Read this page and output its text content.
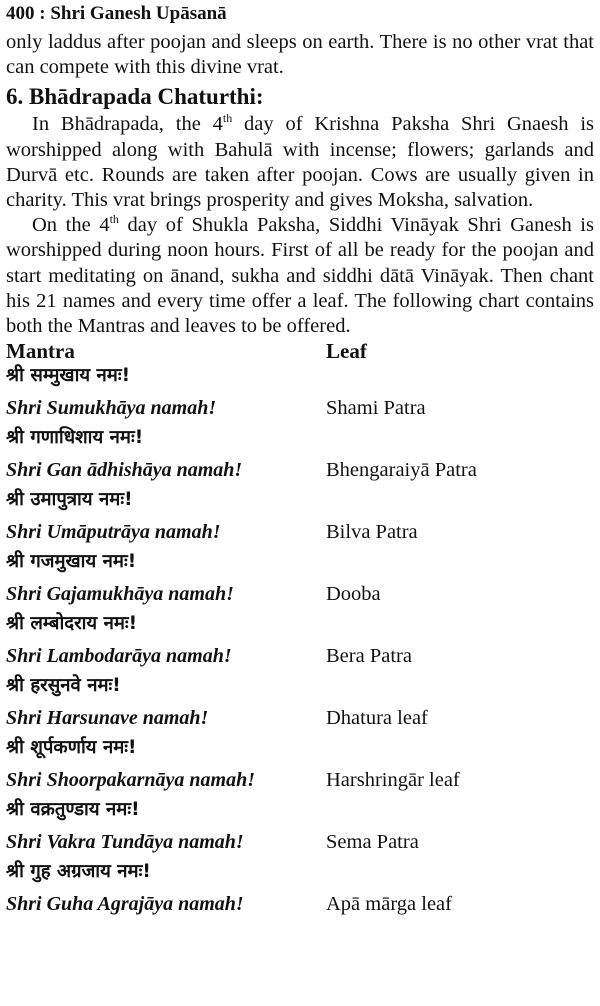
400 : Shri Ganesh Upāsanā

only laddus after poojan and sleeps on earth. There is no other vrat that can compete with this divine vrat.

6. Bhādrapada Chaturthi:

In Bhādrapada, the 4th day of Krishna Paksha Shri Gnaesh is worshipped along with Bahulā with incense; flowers; garlands and Durvā etc. Rounds are taken after poojan. Cows are usually given in charity. This vrat brings prosperity and gives Moksha, salvation.

On the 4th day of Shukla Paksha, Siddhi Vināyak Shri Ganesh is worshipped during noon hours. First of all be ready for the poojan and start meditating on ānand, sukha and siddhi dātā Vināyak. Then chant his 21 names and every time offer a leaf. The following chart contains both the Mantras and leaves to be offered.

Mantra	Leaf
श्री सम्मुखाय नमः!
Shri Sumukhāya namah!	Shami Patra
श्री गणाधिशाय नमः!
Shri Gan ādhishāya namah!	Bhengaraiyā Patra
श्री उमापुत्राय नमः!
Shri Umāputrāya namah!	Bilva Patra
श्री गजमुखाय नमः!
Shri Gajamukhāya namah!	Dooba
श्री लम्बोदराय नमः!
Shri Lambodarāya namah!	Bera Patra
श्री हरसुनवे नमः!
Shri Harsunave namah!	Dhatura leaf
श्री शूर्पकर्णाय नमः!
Shri Shoorpakarnāya namah!	Harshringār leaf
श्री वक्रतुण्डाय नमः!
Shri Vakra Tundāya namah!	Sema Patra
श्री गुह अग्रजाय नमः!
Shri Guha Agrajāya namah!	Apā mārga leaf
